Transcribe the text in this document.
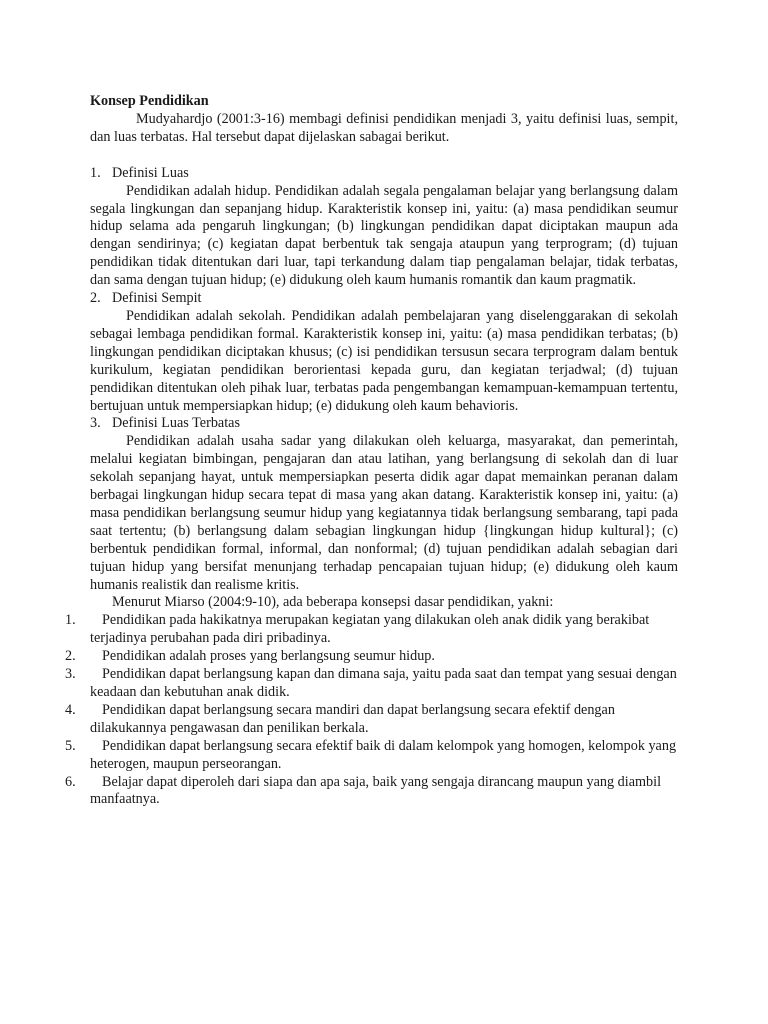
Konsep Pendidikan

Mudyahardjo (2001:3-16) membagi definisi pendidikan menjadi 3, yaitu definisi luas, sempit, dan luas terbatas. Hal tersebut dapat dijelaskan sabagai berikut.

1. Definisi Luas

Pendidikan adalah hidup. Pendidikan adalah segala pengalaman belajar yang berlangsung dalam segala lingkungan dan sepanjang hidup. Karakteristik konsep ini, yaitu: (a) masa pendidikan seumur hidup selama ada pengaruh lingkungan; (b) lingkungan pendidikan dapat diciptakan maupun ada dengan sendirinya; (c) kegiatan dapat berbentuk tak sengaja ataupun yang terprogram; (d) tujuan pendidikan tidak ditentukan dari luar, tapi terkandung dalam tiap pengalaman belajar, tidak terbatas, dan sama dengan tujuan hidup; (e) didukung oleh kaum humanis romantik dan kaum pragmatik.

2. Definisi Sempit

Pendidikan adalah sekolah. Pendidikan adalah pembelajaran yang diselenggarakan di sekolah sebagai lembaga pendidikan formal. Karakteristik konsep ini, yaitu: (a) masa pendidikan terbatas; (b) lingkungan pendidikan diciptakan khusus; (c) isi pendidikan tersusun secara terprogram dalam bentuk kurikulum, kegiatan pendidikan berorientasi kepada guru, dan kegiatan terjadwal; (d) tujuan pendidikan ditentukan oleh pihak luar, terbatas pada pengembangan kemampuan-kemampuan tertentu, bertujuan untuk mempersiapkan hidup; (e) didukung oleh kaum behavioris.

3. Definisi Luas Terbatas

Pendidikan adalah usaha sadar yang dilakukan oleh keluarga, masyarakat, dan pemerintah, melalui kegiatan bimbingan, pengajaran dan atau latihan, yang berlangsung di sekolah dan di luar sekolah sepanjang hayat, untuk mempersiapkan peserta didik agar dapat memainkan peranan dalam berbagai lingkungan hidup secara tepat di masa yang akan datang. Karakteristik konsep ini, yaitu: (a) masa pendidikan berlangsung seumur hidup yang kegiatannya tidak berlangsung sembarang, tapi pada saat tertentu; (b) berlangsung dalam sebagian lingkungan hidup {lingkungan hidup kultural}; (c) berbentuk pendidikan formal, informal, dan nonformal; (d) tujuan pendidikan adalah sebagian dari tujuan hidup yang bersifat menunjang terhadap pencapaian tujuan hidup; (e) didukung oleh kaum humanis realistik dan realisme kritis.

Menurut Miarso (2004:9-10), ada beberapa konsepsi dasar pendidikan, yakni:

1.	Pendidikan pada hakikatnya merupakan kegiatan yang dilakukan oleh anak didik yang berakibat terjadinya perubahan pada diri pribadinya.
2.	Pendidikan adalah proses yang berlangsung seumur hidup.
3.	Pendidikan dapat berlangsung kapan dan dimana saja, yaitu pada saat dan tempat yang sesuai dengan keadaan dan kebutuhan anak didik.
4.	Pendidikan dapat berlangsung secara mandiri dan dapat berlangsung secara efektif dengan dilakukannya pengawasan dan penilikan berkala.
5.	Pendidikan dapat berlangsung secara efektif baik di dalam kelompok yang homogen, kelompok yang heterogen, maupun perseorangan.
6.	Belajar dapat diperoleh dari siapa dan apa saja, baik yang sengaja dirancang maupun yang diambil manfaatnya.
